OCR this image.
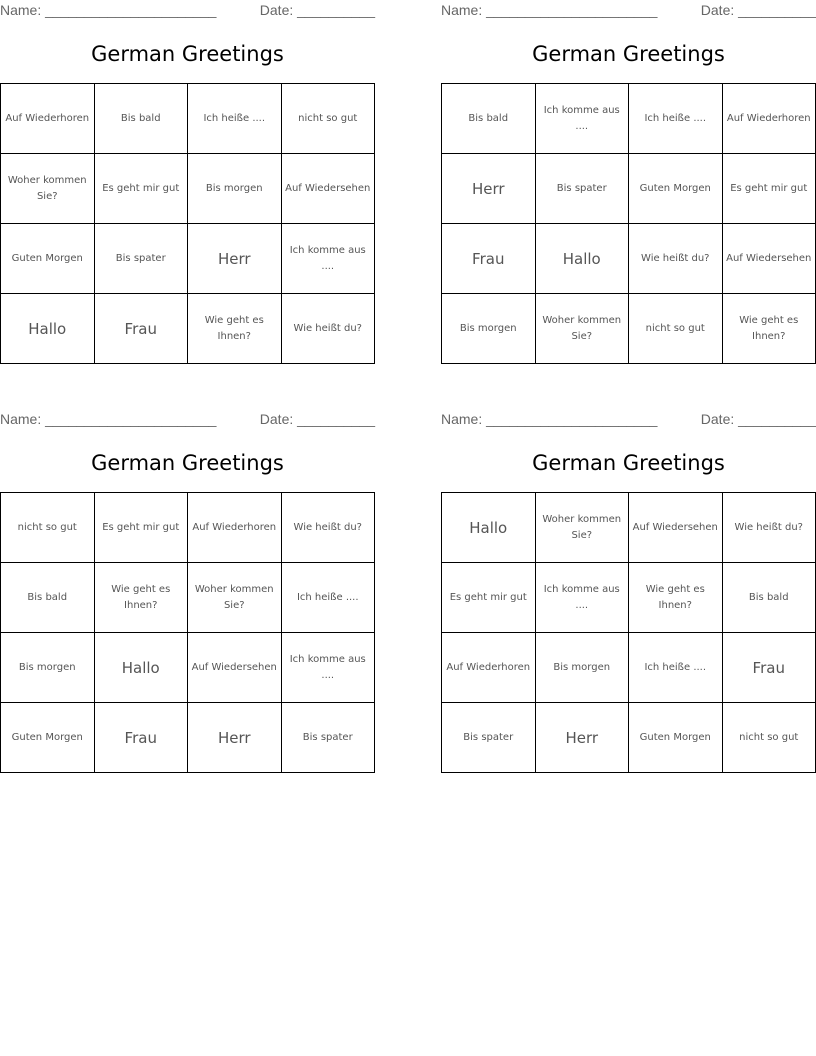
Name: ______________________	Date: __________
German Greetings
Auf Wiederhoren	Bis bald	Ich heiße ....	nicht so gut
Woher kommen Sie?	Es geht mir gut	Bis morgen	Auf Wiedersehen
Guten Morgen	Bis spater	Herr	Ich komme aus ....
Hallo	Frau	Wie geht es Ihnen?	Wie heißt du?
Name: ______________________	Date: __________
German Greetings
Bis bald	Ich komme aus ....	Ich heiße ....	Auf Wiederhoren
Herr	Bis spater	Guten Morgen	Es geht mir gut
Frau	Hallo	Wie heißt du?	Auf Wiedersehen
Bis morgen	Woher kommen Sie?	nicht so gut	Wie geht es Ihnen?
Name: ______________________	Date: __________
German Greetings
nicht so gut	Es geht mir gut	Auf Wiederhoren	Wie heißt du?
Bis bald	Wie geht es Ihnen?	Woher kommen Sie?	Ich heiße ....
Bis morgen	Hallo	Auf Wiedersehen	Ich komme aus ....
Guten Morgen	Frau	Herr	Bis spater
Name: ______________________	Date: __________
German Greetings
Hallo	Woher kommen Sie?	Auf Wiedersehen	Wie heißt du?
Es geht mir gut	Ich komme aus ....	Wie geht es Ihnen?	Bis bald
Auf Wiederhoren	Bis morgen	Ich heiße ....	Frau
Bis spater	Herr	Guten Morgen	nicht so gut
